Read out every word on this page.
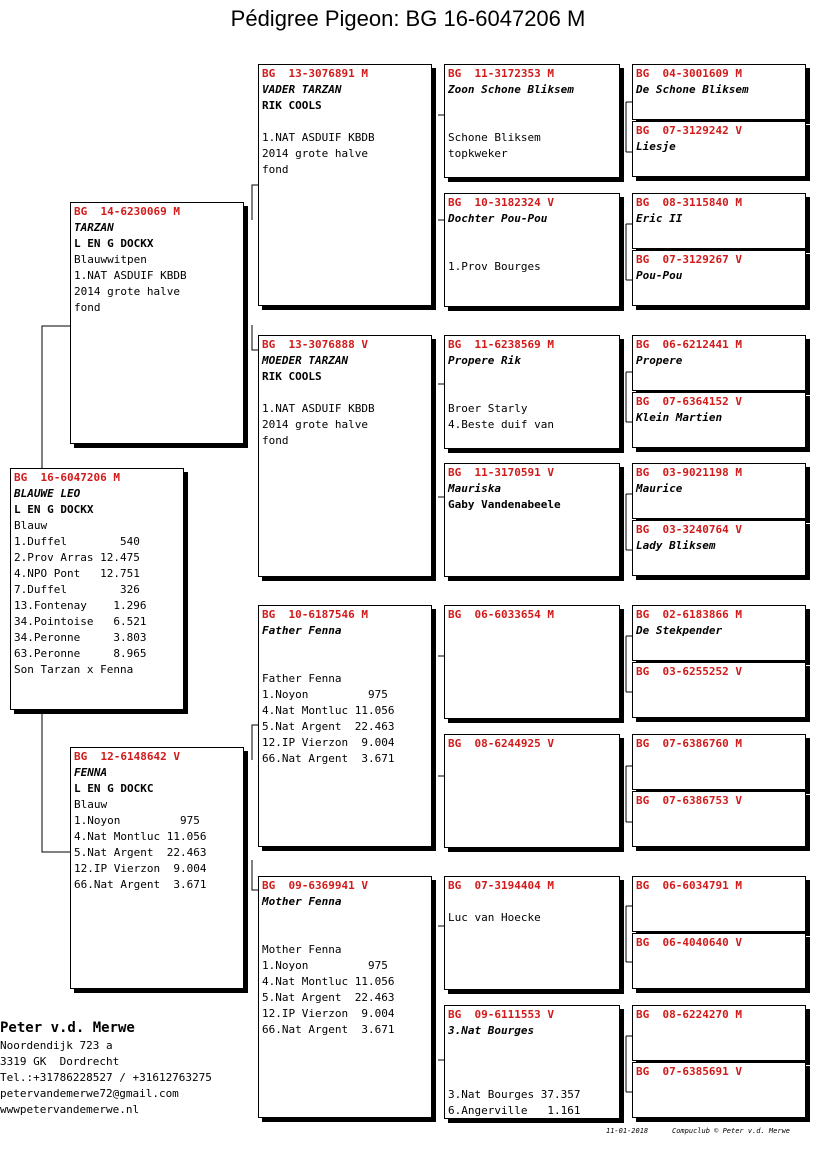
Pédigree Pigeon: BG 16-6047206 M
BG  16-6047206 M
BLAUWE LEO
L EN G DOCKX
Blauw
1.Duffel        540
2.Prov Arras 12.475
4.NPO Pont   12.751
7.Duffel        326
13.Fontenay    1.296
34.Pointoise   6.521
34.Peronne     3.803
63.Peronne     8.965
Son Tarzan x Fenna
BG  14-6230069 M
TARZAN
L EN G DOCKX
Blauwwitpen
1.NAT ASDUIF KBDB
2014 grote halve
fond
BG  12-6148642 V
FENNA
L EN G DOCKC
Blauw
1.Noyon         975
4.Nat Montluc 11.056
5.Nat Argent  22.463
12.IP Vierzon  9.004
66.Nat Argent  3.671
BG  13-3076891 M
VADER TARZAN
RIK COOLS
1.NAT ASDUIF KBDB
2014 grote halve
fond
BG  13-3076888 V
MOEDER TARZAN
RIK COOLS
1.NAT ASDUIF KBDB
2014 grote halve
fond
BG  10-6187546 M
Father Fenna
Father Fenna
1.Noyon         975
4.Nat Montluc 11.056
5.Nat Argent  22.463
12.IP Vierzon  9.004
66.Nat Argent  3.671
BG  09-6369941 V
Mother Fenna
Mother Fenna
1.Noyon         975
4.Nat Montluc 11.056
5.Nat Argent  22.463
12.IP Vierzon  9.004
66.Nat Argent  3.671
BG  11-3172353 M
Zoon Schone Bliksem
Schone Bliksem
topkweker
BG  10-3182324 V
Dochter Pou-Pou
1.Prov Bourges
BG  11-6238569 M
Propere Rik
Broer Starly
4.Beste duif van
BG  11-3170591 V
Mauriska
Gaby Vandenabeele
BG  06-6033654 M
BG  08-6244925 V
BG  07-3194404 M
Luc van Hoecke
BG  09-6111553 V
3.Nat Bourges
3.Nat Bourges 37.357
6.Angerville   1.161
BG  04-3001609 M
De Schone Bliksem
BG  07-3129242 V
Liesje
BG  08-3115840 M
Eric II
BG  07-3129267 V
Pou-Pou
BG  06-6212441 M
Propere
BG  07-6364152 V
Klein Martien
BG  03-9021198 M
Maurice
BG  03-3240764 V
Lady Bliksem
BG  02-6183866 M
De Stekpender
BG  03-6255252 V
BG  07-6386760 M
BG  07-6386753 V
BG  06-6034791 M
BG  06-4040640 V
BG  08-6224270 M
BG  07-6385691 V
Peter v.d. Merwe
Noordendijk 723 a
3319 GK  Dordrecht
Tel.:+31786228527 / +31612763275
petervandemerwe72@gmail.com
wwwpetervandemerwe.nl
11-01-2018	Compuclub © Peter v.d. Merwe
